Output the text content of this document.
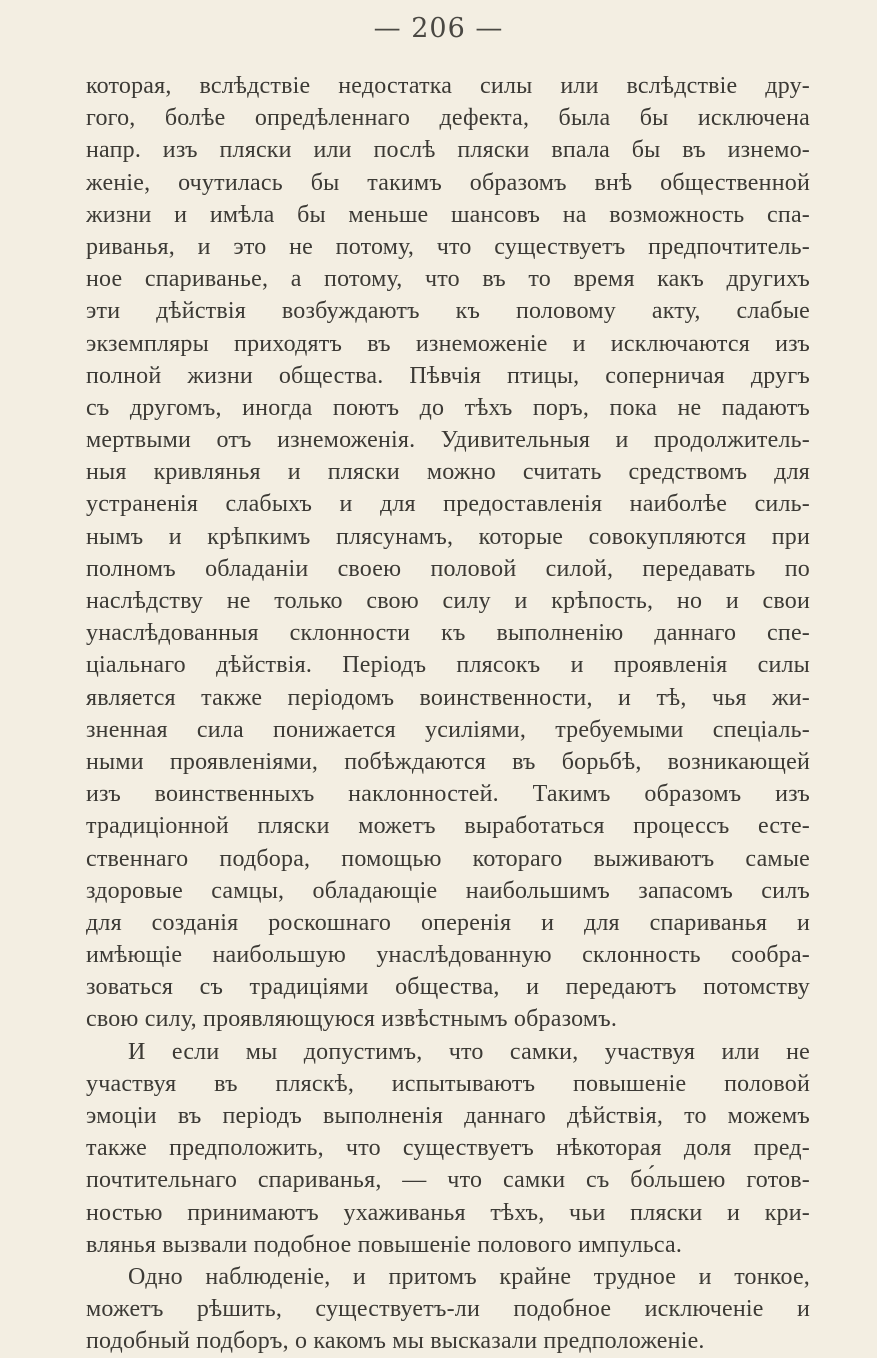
— 206 —
которая, вслѣдствіе недостатка силы или вслѣдствіе дру-
гого, болѣе опредѣленнаго дефекта, была бы исключена
напр. изъ пляски или послѣ пляски впала бы въ изнемо-
женіе, очутилась бы такимъ образомъ внѣ общественной
жизни и имѣла бы меньше шансовъ на возможность спа-
риванья, и это не потому, что существуетъ предпочтитель-
ное спариванье, а потому, что въ то время какъ другихъ
эти дѣйствія возбуждаютъ къ половому акту, слабые
экземпляры приходятъ въ изнеможеніе и исключаются изъ
полной жизни общества. Пѣвчія птицы, соперничая другъ
съ другомъ, иногда поютъ до тѣхъ поръ, пока не падаютъ
мертвыми отъ изнеможенія. Удивительныя и продолжитель-
ныя кривлянья и пляски можно считать средствомъ для
устраненія слабыхъ и для предоставленія наиболѣе силь-
нымъ и крѣпкимъ плясунамъ, которые совокупляются при
полномъ обладаніи своею половой силой, передавать по
наслѣдству не только свою силу и крѣпость, но и свои
унаслѣдованныя склонности къ выполненію даннаго спе-
ціальнаго дѣйствія. Періодъ плясокъ и проявленія силы
является также періодомъ воинственности, и тѣ, чья жи-
зненная сила понижается усиліями, требуемыми спеціаль-
ными проявленіями, побѣждаются въ борьбѣ, возникающей
изъ воинственныхъ наклонностей. Такимъ образомъ изъ
традиціонной пляски можетъ выработаться процессъ есте-
ственнаго подбора, помощью котораго выживаютъ самые
здоровые самцы, обладающіе наибольшимъ запасомъ силъ
для созданія роскошнаго оперенія и для спариванья и
имѣющіе наибольшую унаслѣдованную склонность сообра-
зоваться съ традиціями общества, и передаютъ потомству
свою силу, проявляющуюся извѣстнымъ образомъ.
И если мы допустимъ, что самки, участвуя или не
участвуя въ пляскѣ, испытываютъ повышеніе половой
эмоціи въ періодъ выполненія даннаго дѣйствія, то можемъ
также предположить, что существуетъ нѣкоторая доля пред-
почтительнаго спариванья, — что самки съ бо́льшею готов-
ностью принимаютъ ухаживанья тѣхъ, чьи пляски и кри-
влянья вызвали подобное повышеніе полового импульса.
Одно наблюденіе, и притомъ крайне трудное и тонкое,
можетъ рѣшить, существуетъ-ли подобное исключеніе и
подобный подборъ, о какомъ мы высказали предположеніе.
